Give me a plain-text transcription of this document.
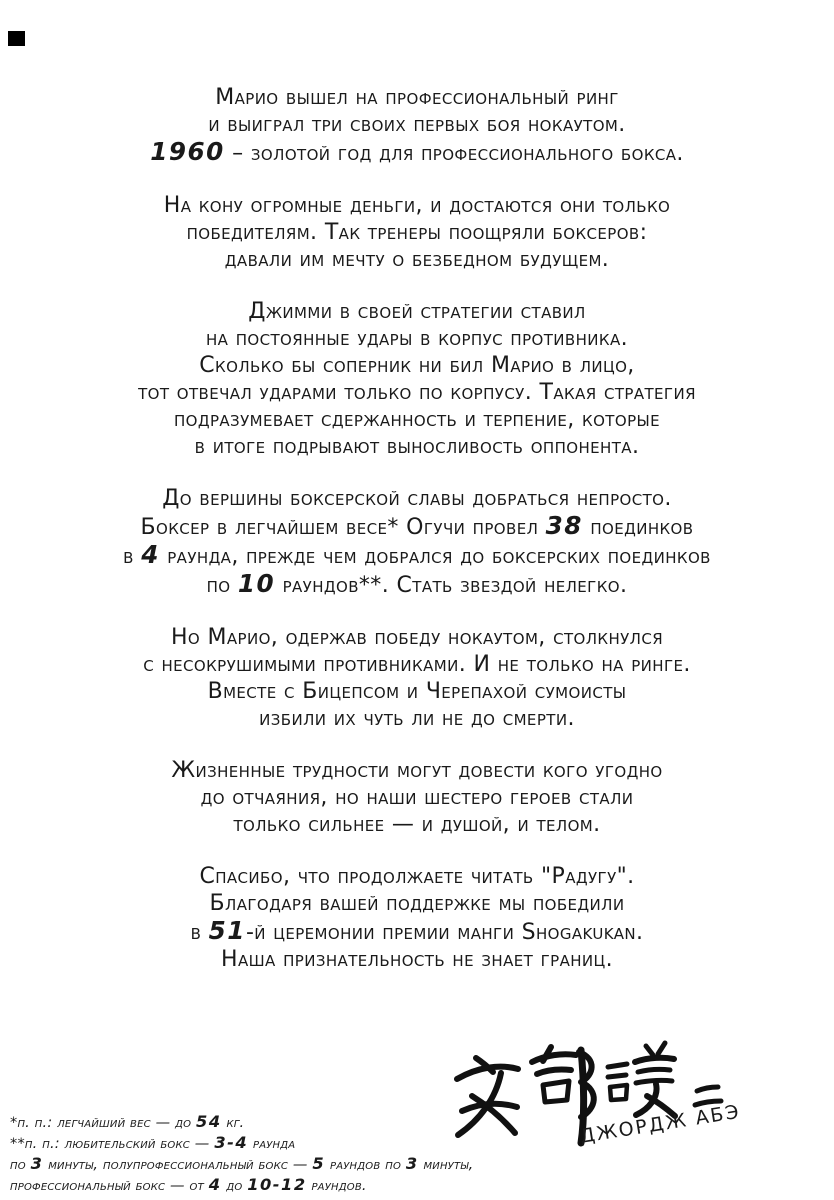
Марио вышел на профессиональный ринг
и выиграл три своих первых боя нокаутом.
1960 – золотой год для профессионального бокса.
На кону огромные деньги, и достаются они только
победителям. Так тренеры поощряли боксеров:
давали им мечту о безбедном будущем.
Джимми в своей стратегии ставил
на постоянные удары в корпус противника.
Сколько бы соперник ни бил Марио в лицо,
тот отвечал ударами только по корпусу. Такая стратегия
подразумевает сдержанность и терпение, которые
в итоге подрывают выносливость оппонента.
До вершины боксерской славы добраться непросто.
Боксер в легчайшем весе* Огучи провел 38 поединков
в 4 раунда, прежде чем добрался до боксерских поединков
по 10 раундов**. Стать звездой нелегко.
Но Марио, одержав победу нокаутом, столкнулся
с несокрушимыми противниками. И не только на ринге.
Вместе с Бицепсом и Черепахой сумоисты
избили их чуть ли не до смерти.
Жизненные трудности могут довести кого угодно
до отчаяния, но наши шестеро героев стали
только сильнее — и душой, и телом.
Спасибо, что продолжаете читать "Радугу".
Благодаря вашей поддержке мы победили
в 51-й церемонии премии манги Shogakukan.
Наша признательность не знает границ.
*п. п.: легчайший вес — до 54 кг.
**п. п.: любительский бокс — 3-4 раунда
по 3 минуты, полупрофессиональный бокс — 5 раундов по 3 минуты,
профессиональный бокс — от 4 до 10-12 раундов.
ДЖОРДЖ АБЭ
